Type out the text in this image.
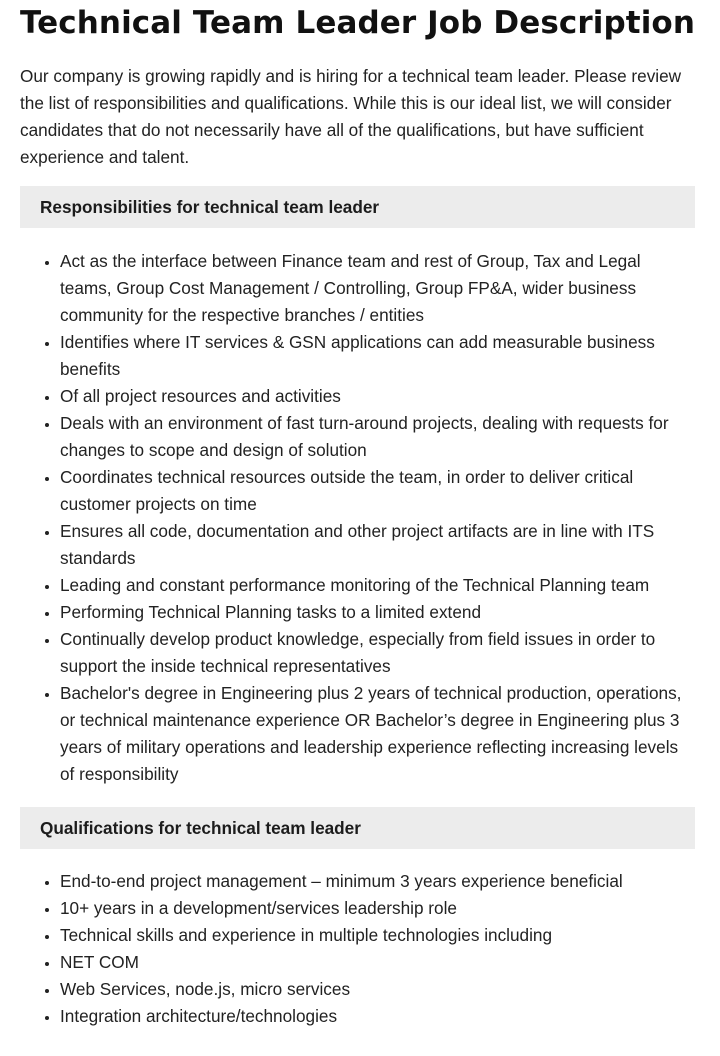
Technical Team Leader Job Description

Our company is growing rapidly and is hiring for a technical team leader. Please review the list of responsibilities and qualifications. While this is our ideal list, we will consider candidates that do not necessarily have all of the qualifications, but have sufficient experience and talent.

Responsibilities for technical team leader
• Act as the interface between Finance team and rest of Group, Tax and Legal teams, Group Cost Management / Controlling, Group FP&A, wider business community for the respective branches / entities
• Identifies where IT services & GSN applications can add measurable business benefits
• Of all project resources and activities
• Deals with an environment of fast turn-around projects, dealing with requests for changes to scope and design of solution
• Coordinates technical resources outside the team, in order to deliver critical customer projects on time
• Ensures all code, documentation and other project artifacts are in line with ITS standards
• Leading and constant performance monitoring of the Technical Planning team
• Performing Technical Planning tasks to a limited extend
• Continually develop product knowledge, especially from field issues in order to support the inside technical representatives
• Bachelor's degree in Engineering plus 2 years of technical production, operations, or technical maintenance experience OR Bachelor’s degree in Engineering plus 3 years of military operations and leadership experience reflecting increasing levels of responsibility
Qualifications for technical team leader
• End-to-end project management – minimum 3 years experience beneficial
• 10+ years in a development/services leadership role
• Technical skills and experience in multiple technologies including
• NET COM
• Web Services, node.js, micro services
• Integration architecture/technologies
